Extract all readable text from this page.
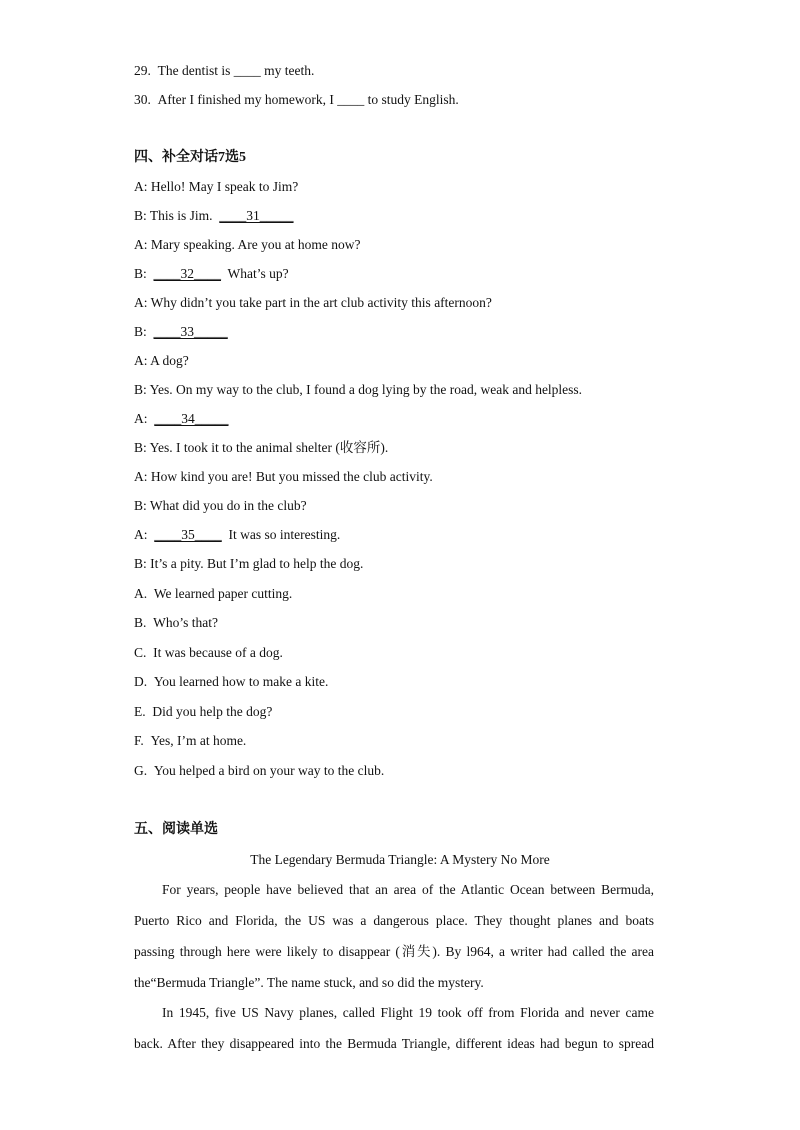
29. The dentist is ____ my teeth.
30. After I finished my homework, I ____ to study English.
四、补全对话7选5
A: Hello! May I speak to Jim?
B: This is Jim.  ____31_____
A: Mary speaking. Are you at home now?
B:  ____32____  What’s up?
A: Why didn’t you take part in the art club activity this afternoon?
B:  ____33_____
A: A dog?
B: Yes. On my way to the club, I found a dog lying by the road, weak and helpless.
A:  ____34_____
B: Yes. I took it to the animal shelter (收容所).
A: How kind you are! But you missed the club activity.
B: What did you do in the club?
A:  ____35____  It was so interesting.
B: It’s a pity. But I’m glad to help the dog.
A. We learned paper cutting.
B. Who’s that?
C. It was because of a dog.
D. You learned how to make a kite.
E. Did you help the dog?
F. Yes, I’m at home.
G. You helped a bird on your way to the club.
五、阅读单选
The Legendary Bermuda Triangle: A Mystery No More
For years, people have believed that an area of the Atlantic Ocean between Bermuda,
Puerto Rico and Florida, the US was a dangerous place. They thought planes and boats
passing through here were likely to disappear (消失). By l964, a writer had called the area
the“Bermuda Triangle”. The name stuck, and so did the mystery.
In 1945, five US Navy planes, called Flight 19 took off from Florida and never came
back. After they disappeared into the Bermuda Triangle, different ideas had begun to spread
